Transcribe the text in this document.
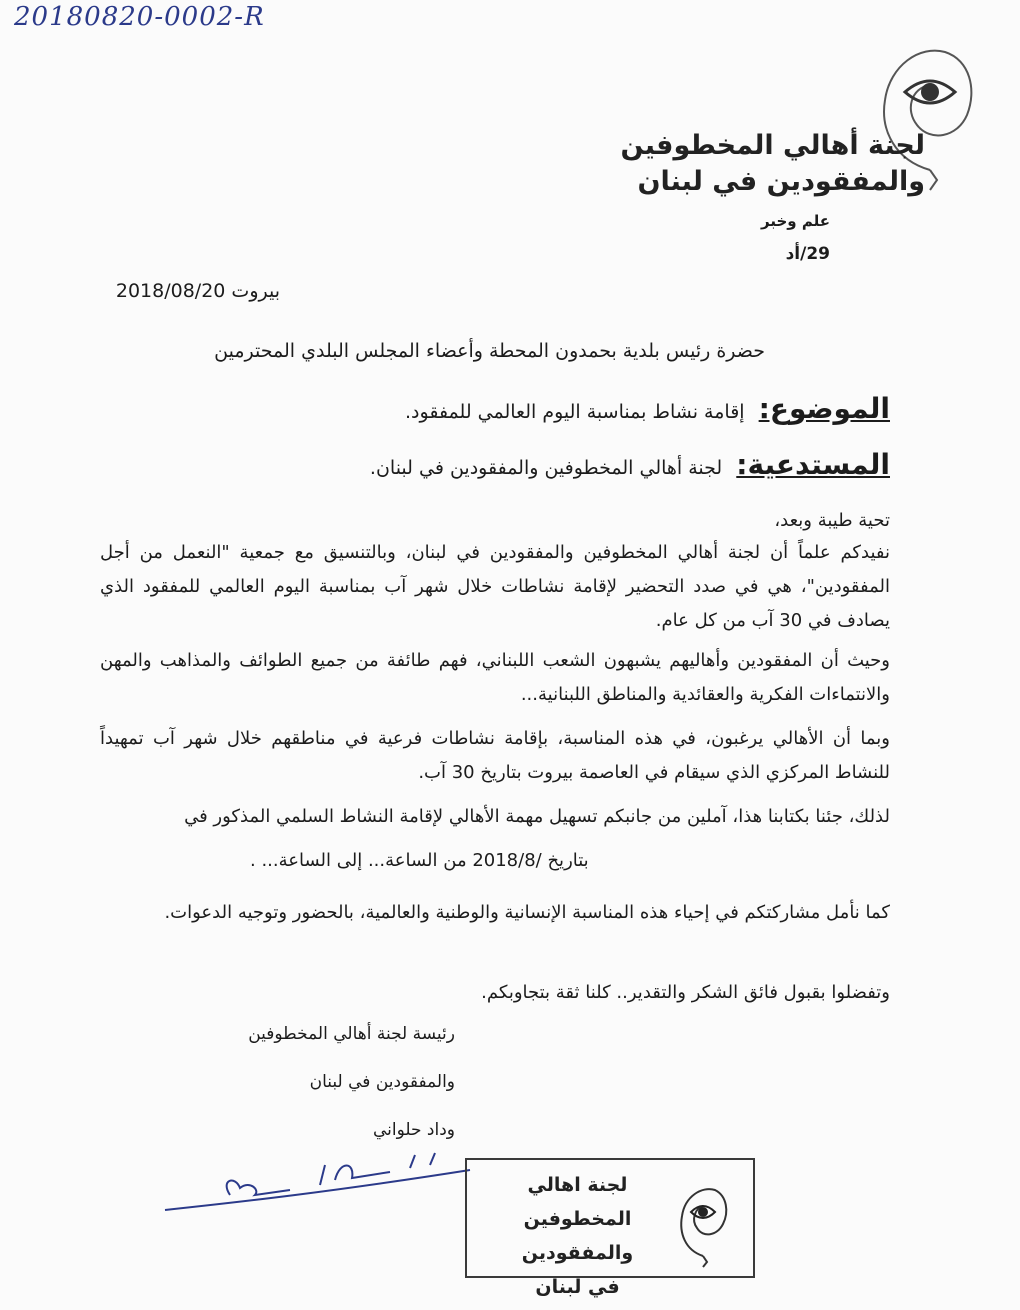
20180820-0002-R
لجنة أهالي المخطوفين
والمفقودين في لبنان
علم وخبر
29/أد
بيروت 2018/08/20
حضرة رئيس بلدية بحمدون المحطة وأعضاء المجلس البلدي المحترمين
الموضوع: إقامة نشاط بمناسبة اليوم العالمي للمفقود.
المستدعية: لجنة أهالي المخطوفين والمفقودين في لبنان.
تحية طيبة وبعد،
نفيدكم علماً أن لجنة أهالي المخطوفين والمفقودين في لبنان، وبالتنسيق مع جمعية "النعمل من أجل المفقودين"، هي في صدد التحضير لإقامة نشاطات خلال شهر آب بمناسبة اليوم العالمي للمفقود الذي يصادف في 30 آب من كل عام.
وحيث أن المفقودين وأهاليهم يشبهون الشعب اللبناني، فهم طائفة من جميع الطوائف والمذاهب والمهن والانتماءات الفكرية والعقائدية والمناطق اللبنانية...
وبما أن الأهالي يرغبون، في هذه المناسبة، بإقامة نشاطات فرعية في مناطقهم خلال شهر آب تمهيداً للنشاط المركزي الذي سيقام في العاصمة بيروت بتاريخ 30 آب.
لذلك، جئنا بكتابنا هذا، آملين من جانبكم تسهيل مهمة الأهالي لإقامة النشاط السلمي المذكور في
بتاريخ /2018/8 من الساعة... إلى الساعة... .
كما نأمل مشاركتكم في إحياء هذه المناسبة الإنسانية والوطنية والعالمية، بالحضور وتوجيه الدعوات.
وتفضلوا بقبول فائق الشكر والتقدير.. كلنا ثقة بتجاوبكم.
رئيسة لجنة أهالي المخطوفين
والمفقودين في لبنان
وداد حلواني
لجنة اهالي
المخطوفين والمفقودين
في لبنان
